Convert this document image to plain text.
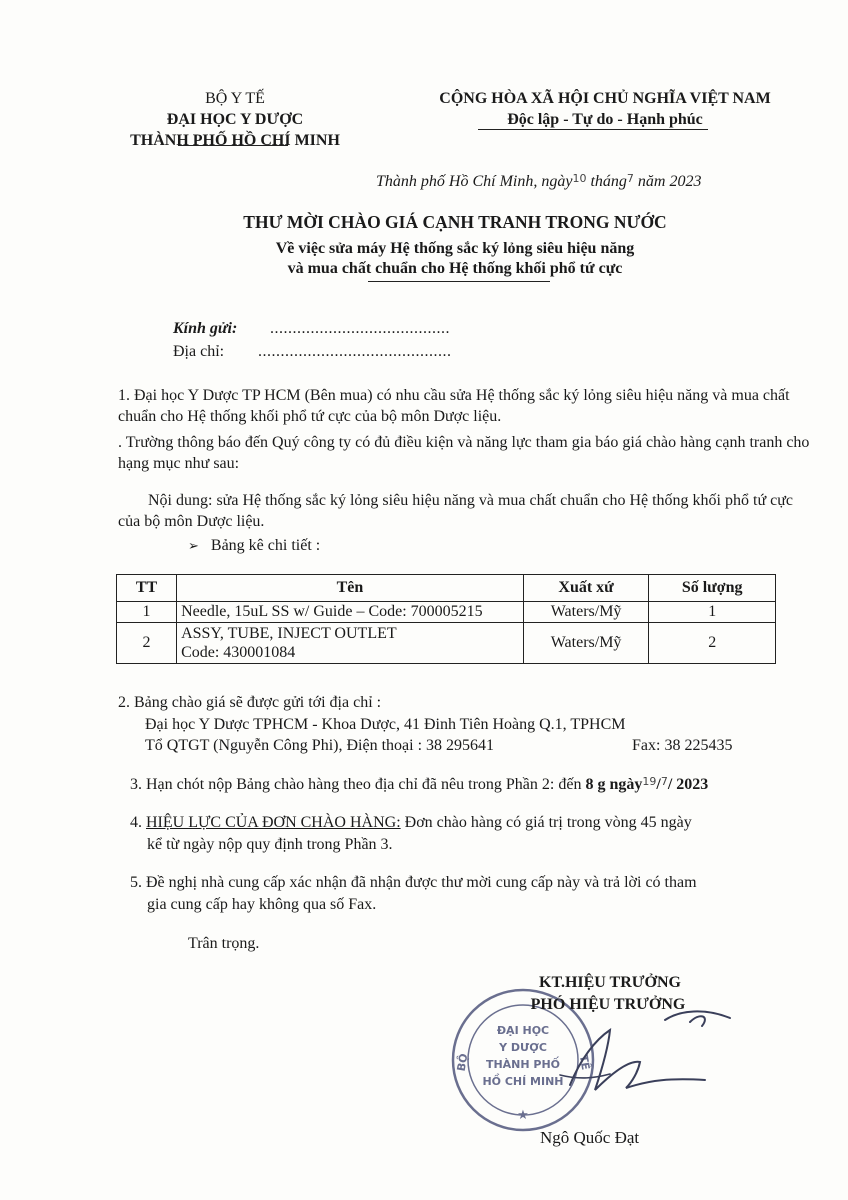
BỘ Y TẾ
ĐẠI HỌC Y DƯỢC
THÀNH PHỐ HỒ CHÍ MINH
CỘNG HÒA XÃ HỘI CHỦ NGHĨA VIỆT NAM
Độc lập - Tự do - Hạnh phúc
Thành phố Hồ Chí Minh, ngày$^{10}$ tháng$^7$ năm 2023
THƯ MỜI CHÀO GIÁ CẠNH TRANH TRONG NƯỚC
Về việc sửa máy Hệ thống sắc ký lỏng siêu hiệu năng
và mua chất chuẩn cho Hệ thống khối phổ tứ cực
Kính gửi: ........................................
Địa chỉ: ...........................................
1. Đại học Y Dược TP HCM (Bên mua) có nhu cầu sửa Hệ thống sắc ký lỏng siêu hiệu năng và mua chất chuẩn cho Hệ thống khối phổ tứ cực của bộ môn Dược liệu.
. Trường thông báo đến Quý công ty có đủ điều kiện và năng lực tham gia báo giá chào hàng cạnh tranh cho hạng mục như sau:
Nội dung: sửa Hệ thống sắc ký lỏng siêu hiệu năng và mua chất chuẩn cho Hệ thống khối phổ tứ cực của bộ môn Dược liệu.
➢ Bảng kê chi tiết :
TT	Tên	Xuất xứ	Số lượng
1	Needle, 15uL SS w/ Guide – Code: 700005215	Waters/Mỹ	1
2	ASSY, TUBE, INJECT OUTLET
Code: 430001084	Waters/Mỹ	2
2. Bảng chào giá sẽ được gửi tới địa chỉ :
Đại học Y Dược TPHCM - Khoa Dược, 41 Đinh Tiên Hoàng Q.1, TPHCM
Tổ QTGT (Nguyễn Công Phi), Điện thoại : 38 295641	Fax: 38 225435
3. Hạn chót nộp Bảng chào hàng theo địa chỉ đã nêu trong Phần 2: đến 8 g ngày$^{19}$/$^7$/ 2023
4. HIỆU LỰC CỦA ĐƠN CHÀO HÀNG: Đơn chào hàng có giá trị trong vòng 45 ngày
kể từ ngày nộp quy định trong Phần 3.
5. Đề nghị nhà cung cấp xác nhận đã nhận được thư mời cung cấp này và trả lời có tham
gia cung cấp hay không qua số Fax.
Trân trọng.
ĐẠI HỌC
Y DƯỢC
THÀNH PHỐ
HỒ CHÍ MINH
BỘ	TẾ
★
KT.HIỆU TRƯỞNG
PHÓ HIỆU TRƯỞNG
Ngô Quốc Đạt
